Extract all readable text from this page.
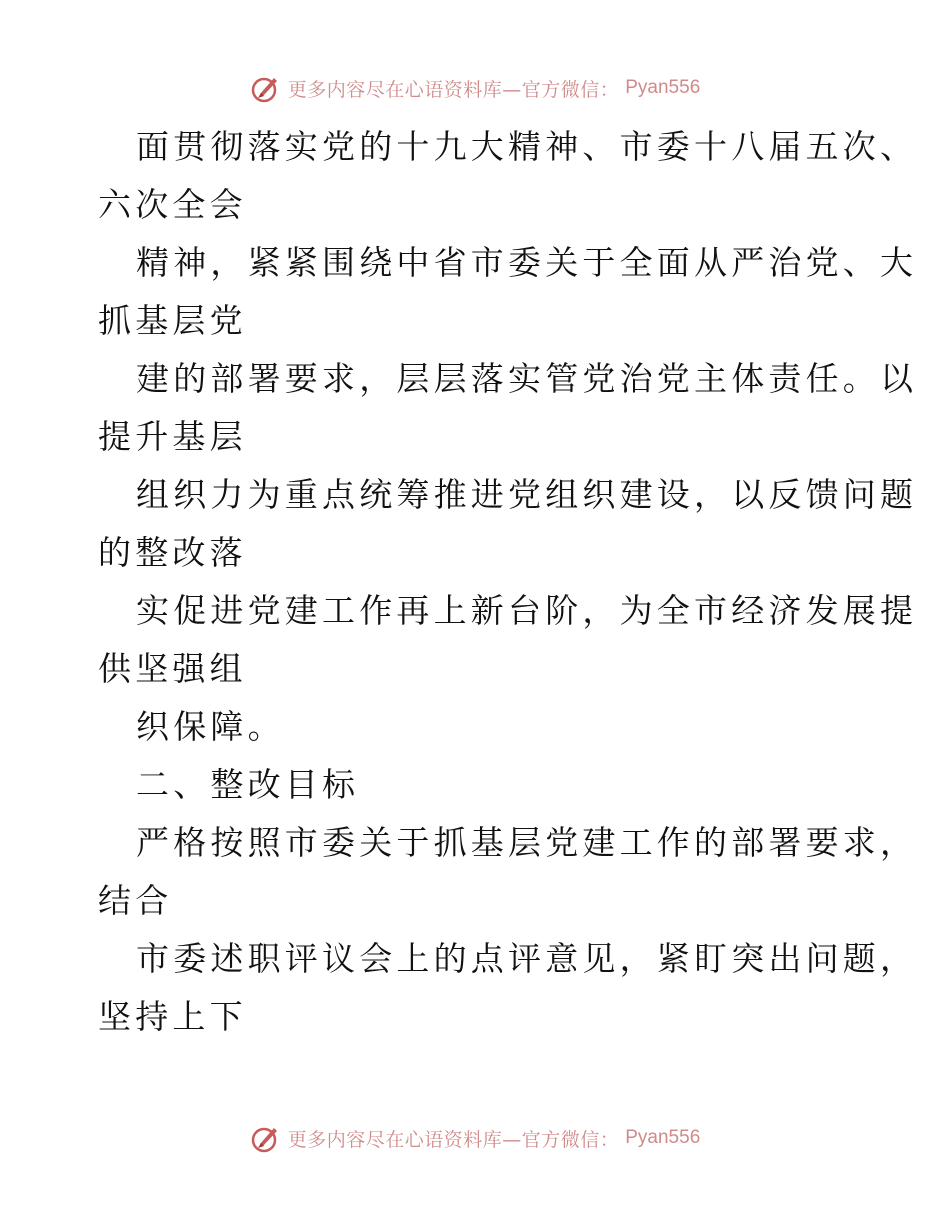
更多内容尽在心语资料库—官方微信： Pyan556
面贯彻落实党的十九大精神、市委十八届五次、
六次全会
精神，紧紧围绕中省市委关于全面从严治党、大
抓基层党
建的部署要求，层层落实管党治党主体责任。以
提升基层
组织力为重点统筹推进党组织建设，以反馈问题
的整改落
实促进党建工作再上新台阶，为全市经济发展提
供坚强组
织保障。
二、整改目标
严格按照市委关于抓基层党建工作的部署要求，
结合
市委述职评议会上的点评意见，紧盯突出问题，
坚持上下
更多内容尽在心语资料库—官方微信： Pyan556
